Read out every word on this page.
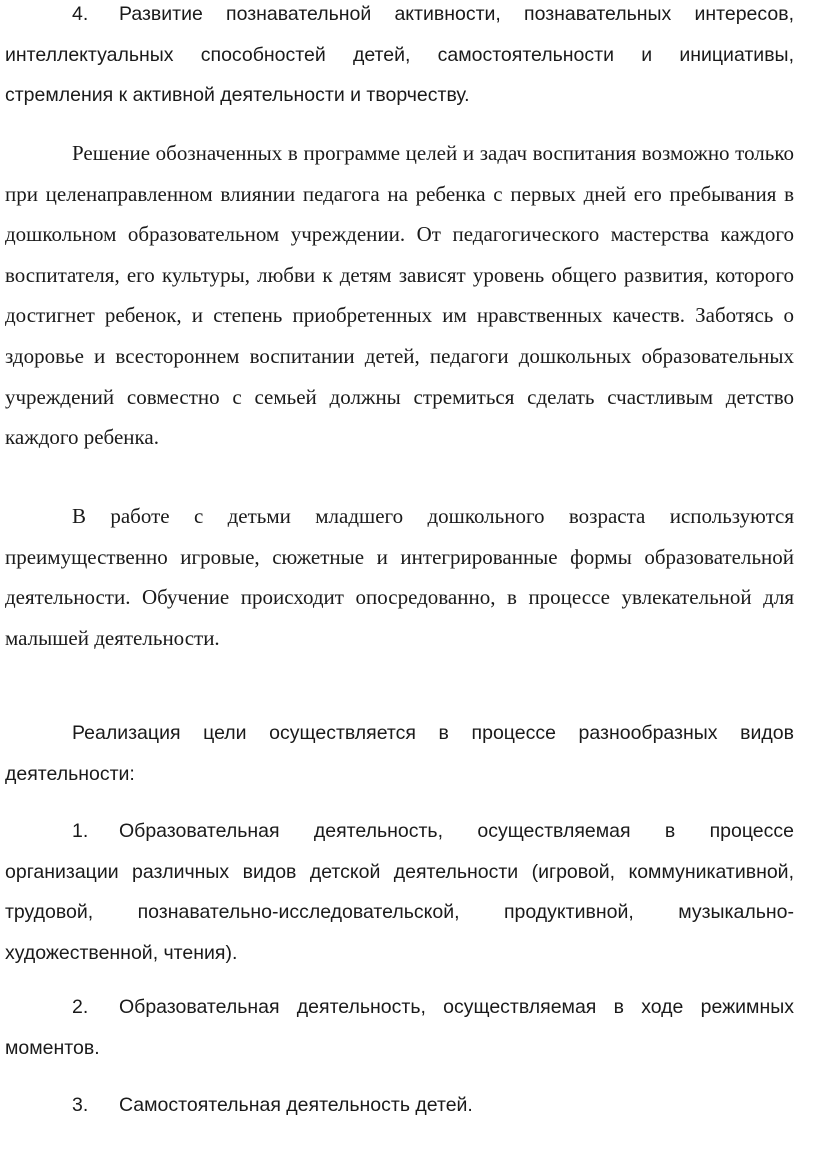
4. Развитие познавательной активности, познавательных интересов, интеллектуальных способностей детей, самостоятельности и инициативы, стремления к активной деятельности и творчеству.

Решение обозначенных в программе целей и задач воспитания возможно только при целенаправленном влиянии педагога на ребенка с первых дней его пребывания в дошкольном образовательном учреждении. От педагогического мастерства каждого воспитателя, его культуры, любви к детям зависят уровень общего развития, которого достигнет ребенок, и степень приобретенных им нравственных качеств. Заботясь о здоровье и всестороннем воспитании детей, педагоги дошкольных образовательных учреждений совместно с семьей должны стремиться сделать счастливым детство каждого ребенка.

В работе с детьми младшего дошкольного возраста используются преимущественно игровые, сюжетные и интегрированные формы образовательной деятельности. Обучение происходит опосредованно, в процессе увлекательной для малышей деятельности.

Реализация цели осуществляется в процессе разнообразных видов деятельности:

1. Образовательная деятельность, осуществляемая в процессе организации различных видов детской деятельности (игровой, коммуникативной, трудовой, познавательно-исследовательской, продуктивной, музыкально-художественной, чтения).

2. Образовательная деятельность, осуществляемая в ходе режимных моментов.

3. Самостоятельная деятельность детей.
